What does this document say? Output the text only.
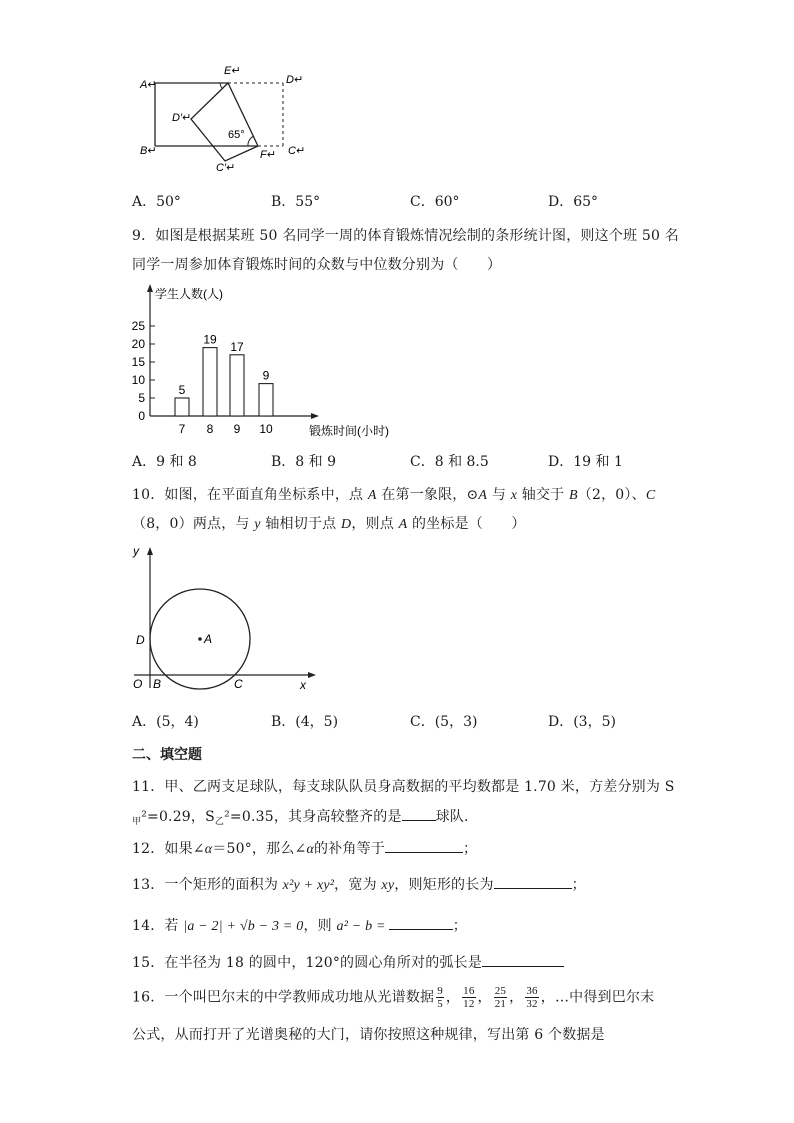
A↵
B↵	C↵
D↵
E↵
F↵
D′↵
C′↵
65°
A．50°	B．55°	C．60°	D．65°
9．如图是根据某班 50 名同学一周的体育锻炼情况绘制的条形统计图，则这个班 50 名
同学一周参加体育锻炼时间的众数与中位数分别为（　　）
学生人数(人)
锻炼时间(小时)
0
5
10
15
20
25
5
7
19
8
17
9
9
10
A．9 和 8	B．8 和 9	C．8 和 8.5	D．19 和 1
10．如图，在平面直角坐标系中，点 A 在第一象限，⊙A 与 x 轴交于 B（2，0）、C
（8，0）两点，与 y 轴相切于点 D，则点 A 的坐标是（　　）
A
y
x
O B	C
D
A．(5，4)	B．(4，5)	C．(5，3)	D．(3，5)
二、填空题
11．甲、乙两支足球队，每支球队队员身高数据的平均数都是 1.70 米，方差分别为 S
$_甲$²=0.29，$S_乙^2=0.35$，其身高较整齐的是 球队．
12．如果∠α＝50°，那么∠α的补角等于	；
13．一个矩形的面积为 x²y + xy²，宽为 xy，则矩形的长为	；
14．若 |a − 2| + √b − 3 = 0，则 a² − b =	；
15．在半径为 18 的圆中，120°的圆心角所对的弧长是
16．一个叫巴尔末的中学教师成功地从光谱数据 $\frac{9}{5}$ ， $\frac{16}{12}$ ， $\frac{25}{21}$ ， $\frac{36}{32}$ ，…中得到巴尔末
公式，从而打开了光谱奥秘的大门，请你按照这种规律，写出第 6 个数据是
